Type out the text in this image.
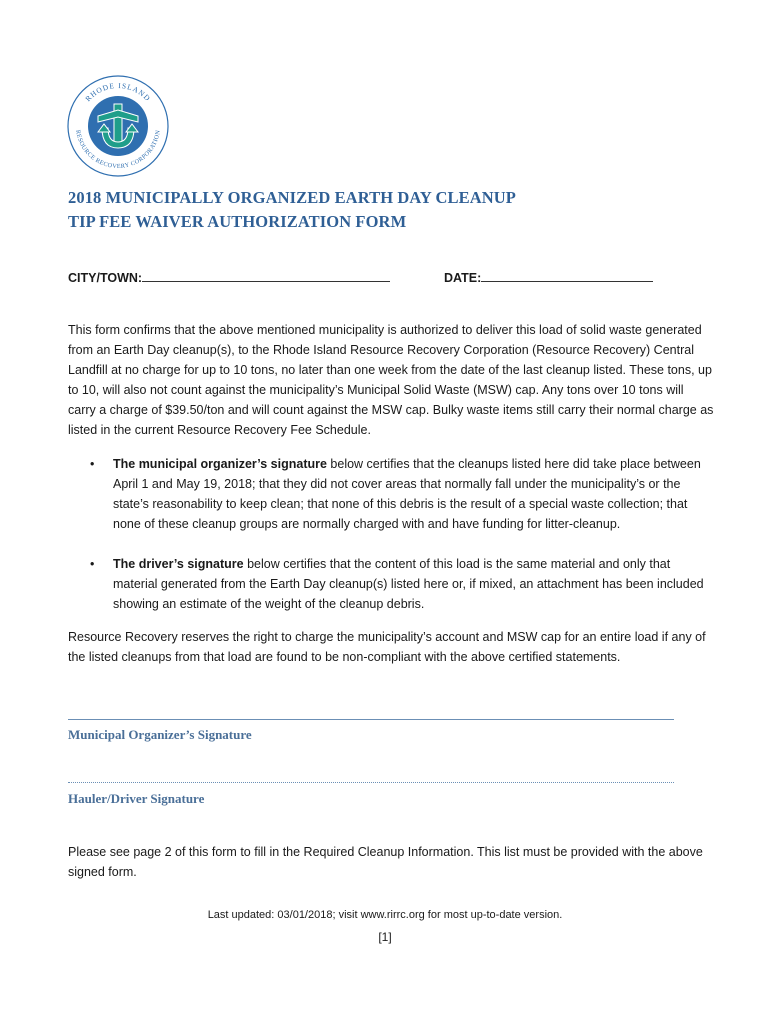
RHODE ISLAND
RESOURCE RECOVERY CORPORATION
2018 MUNICIPALLY ORGANIZED EARTH DAY CLEANUP
TIP FEE WAIVER AUTHORIZATION FORM
CITY/TOWN:	DATE:
This form confirms that the above mentioned municipality is authorized to deliver this load of solid waste generated from an Earth Day cleanup(s), to the Rhode Island Resource Recovery Corporation (Resource Recovery) Central Landfill at no charge for up to 10 tons, no later than one week from the date of the last cleanup listed. These tons, up to 10, will also not count against the municipality’s Municipal Solid Waste (MSW) cap. Any tons over 10 tons will carry a charge of $39.50/ton and will count against the MSW cap. Bulky waste items still carry their normal charge as listed in the current Resource Recovery Fee Schedule.
• The municipal organizer’s signature below certifies that the cleanups listed here did take place between April 1 and May 19, 2018; that they did not cover areas that normally fall under the municipality’s or the state’s reasonability to keep clean; that none of this debris is the result of a special waste collection; that none of these cleanup groups are normally charged with and have funding for litter-cleanup.
• The driver’s signature below certifies that the content of this load is the same material and only that material generated from the Earth Day cleanup(s) listed here or, if mixed, an attachment has been included showing an estimate of the weight of the cleanup debris.
Resource Recovery reserves the right to charge the municipality’s account and MSW cap for an entire load if any of the listed cleanups from that load are found to be non-compliant with the above certified statements.
Municipal Organizer’s Signature
Hauler/Driver Signature
Please see page 2 of this form to fill in the Required Cleanup Information. This list must be provided with the above signed form.
Last updated: 03/01/2018; visit www.rirrc.org for most up-to-date version.
[1]
